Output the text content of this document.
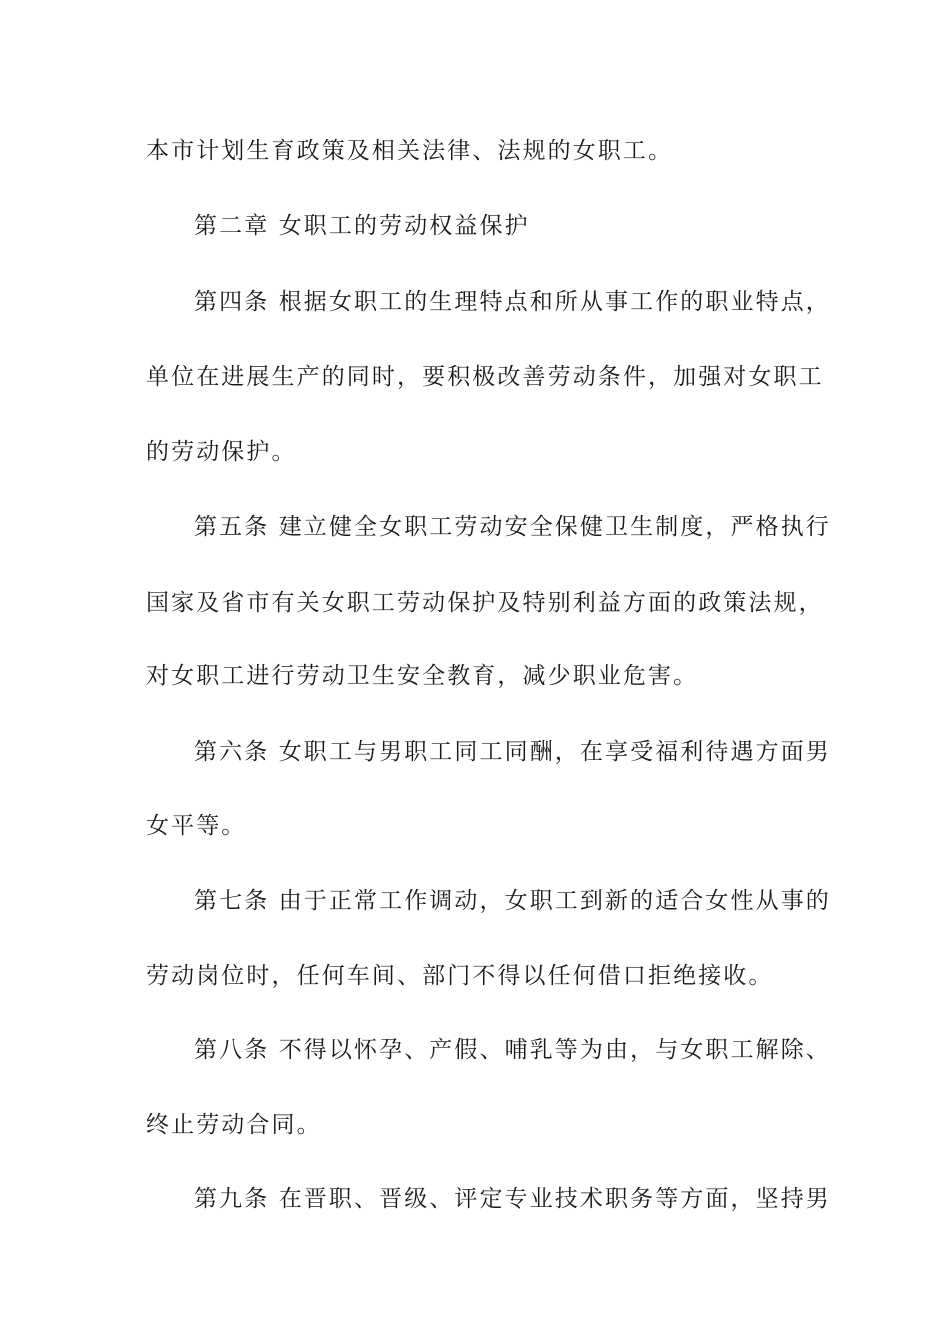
本市计划生育政策及相关法律、法规的女职工。
第二章 女职工的劳动权益保护
第四条 根据女职工的生理特点和所从事工作的职业特点，
单位在进展生产的同时，要积极改善劳动条件，加强对女职工
的劳动保护。
第五条 建立健全女职工劳动安全保健卫生制度，严格执行
国家及省市有关女职工劳动保护及特别利益方面的政策法规，
对女职工进行劳动卫生安全教育，减少职业危害。
第六条 女职工与男职工同工同酬，在享受福利待遇方面男
女平等。
第七条 由于正常工作调动，女职工到新的适合女性从事的
劳动岗位时，任何车间、部门不得以任何借口拒绝接收。
第八条 不得以怀孕、产假、哺乳等为由，与女职工解除、
终止劳动合同。
第九条 在晋职、晋级、评定专业技术职务等方面，坚持男
